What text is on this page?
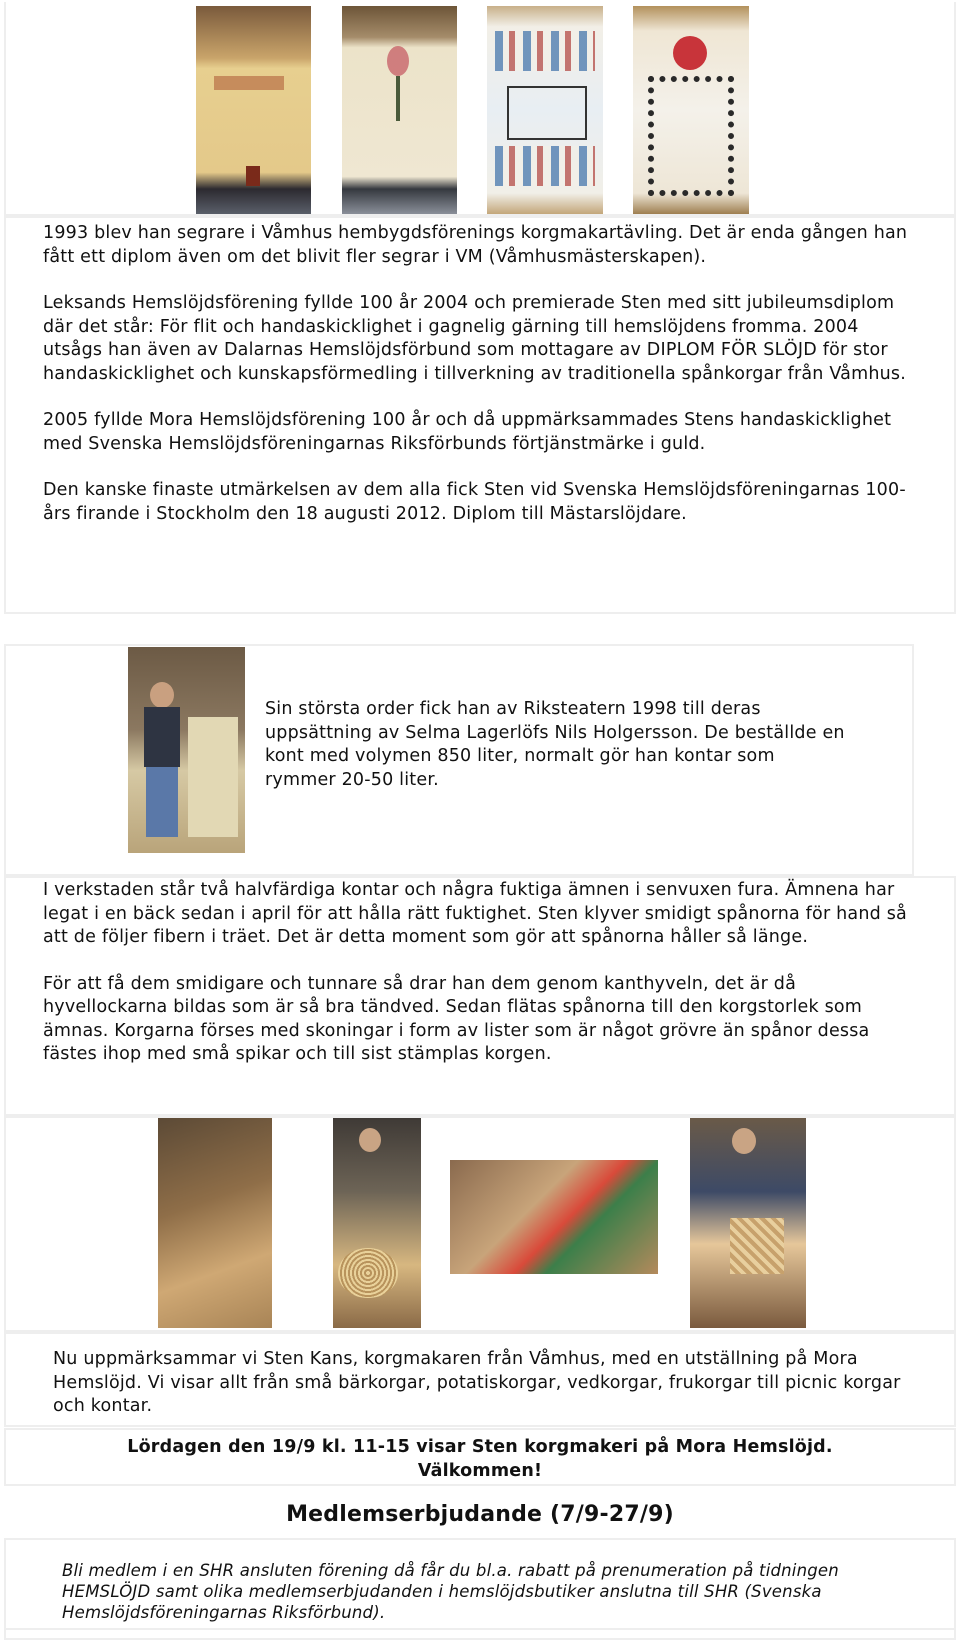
1993 blev han segrare i Våmhus hembygdsförenings korgmakartävling. Det är enda gången han fått ett diplom även om det blivit fler segrar i VM (Våmhusmästerskapen).

Leksands Hemslöjdsförening fyllde 100 år 2004 och premierade Sten med sitt jubileumsdiplom där det står: För flit och handaskicklighet i gagnelig gärning till hemslöjdens fromma. 2004 utsågs han även av Dalarnas Hemslöjdsförbund som mottagare av DIPLOM FÖR SLÖJD för stor handaskicklighet och kunskapsförmedling i tillverkning av traditionella spånkorgar från Våmhus.

2005 fyllde Mora Hemslöjdsförening 100 år och då uppmärksammades Stens handaskicklighet med Svenska Hemslöjdsföreningarnas Riksförbunds förtjänstmärke i guld.

Den kanske finaste utmärkelsen av dem alla fick Sten vid Svenska Hemslöjdsföreningarnas 100-års firande i Stockholm den 18 augusti 2012. Diplom till Mästarslöjdare.

Sin största order fick han av Riksteatern 1998 till deras uppsättning av Selma Lagerlöfs Nils Holgersson. De beställde en kont med volymen 850 liter, normalt gör han kontar som rymmer 20-50 liter.

I verkstaden står två halvfärdiga kontar och några fuktiga ämnen i senvuxen fura. Ämnena har legat i en bäck sedan i april för att hålla rätt fuktighet. Sten klyver smidigt spånorna för hand så att de följer fibern i träet. Det är detta moment som gör att spånorna håller så länge.

För att få dem smidigare och tunnare så drar han dem genom kanthyveln, det är då hyvellockarna bildas som är så bra tändved. Sedan flätas spånorna till den korgstorlek som ämnas. Korgarna förses med skoningar i form av lister som är något grövre än spånor dessa fästes ihop med små spikar och till sist stämplas korgen.

Nu uppmärksammar vi Sten Kans, korgmakaren från Våmhus, med en utställning på Mora Hemslöjd. Vi visar allt från små bärkorgar, potatiskorgar, vedkorgar, frukorgar till picnic korgar och kontar.
Lördagen den 19/9 kl. 11-15 visar Sten korgmakeri på Mora Hemslöjd.
Välkommen!
Medlemserbjudande (7/9-27/9)
Bli medlem i en SHR ansluten förening då får du bl.a. rabatt på prenumeration på tidningen HEMSLÖJD samt olika medlemserbjudanden i hemslöjdsbutiker anslutna till SHR (Svenska Hemslöjdsföreningarnas Riksförbund).
